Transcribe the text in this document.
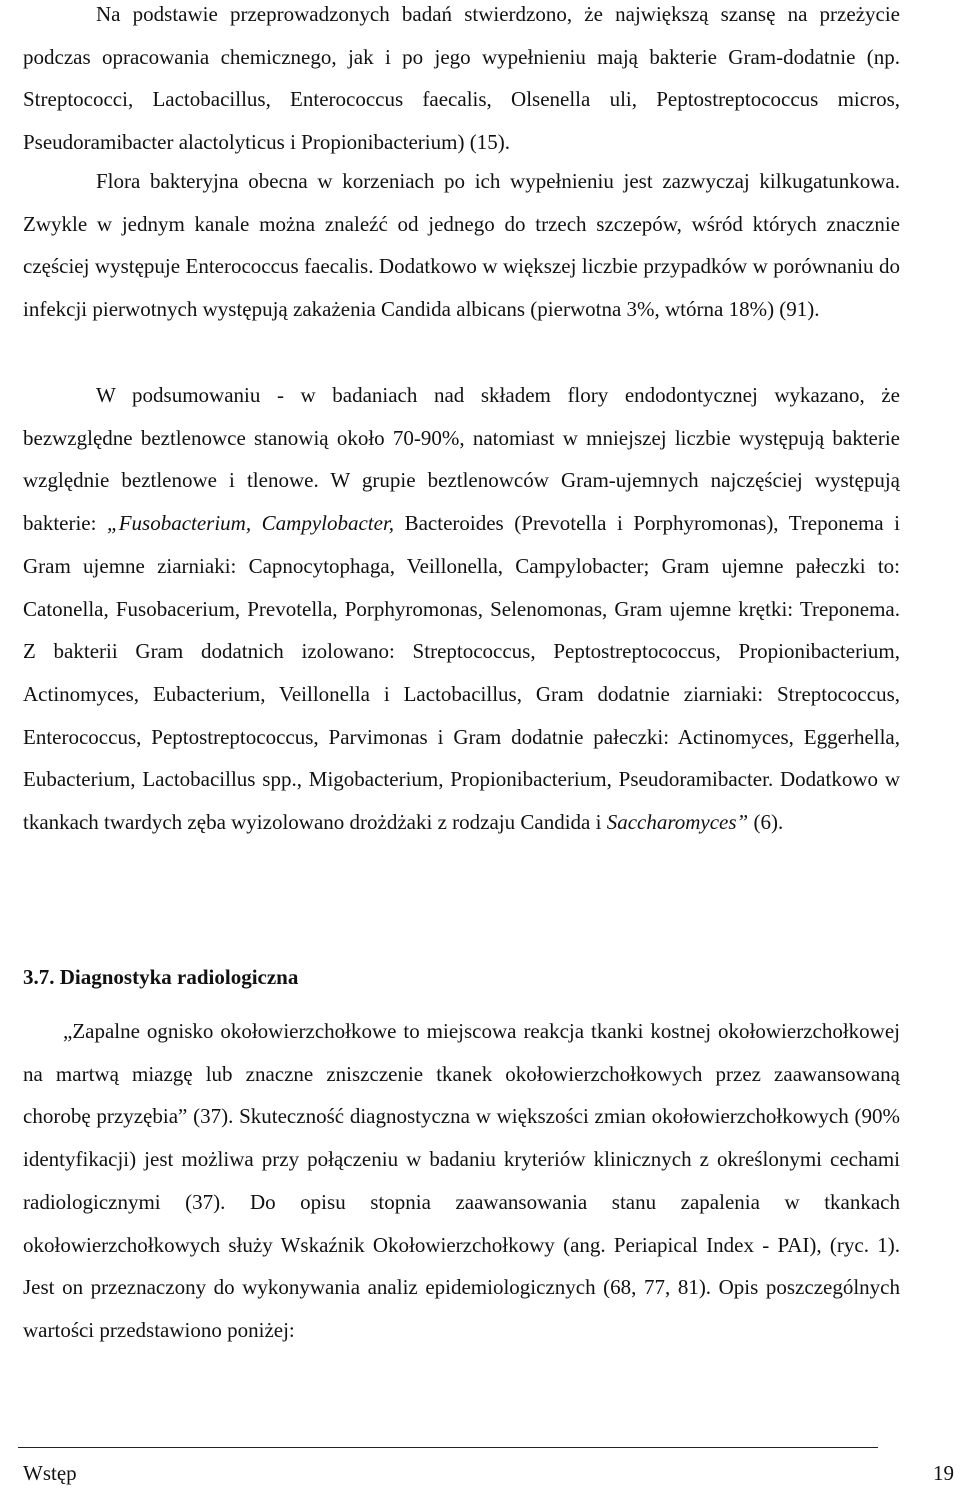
Na podstawie przeprowadzonych badań stwierdzono, że największą szansę na przeżycie podczas opracowania chemicznego, jak i po jego wypełnieniu mają bakterie Gram-dodatnie (np. Streptococci, Lactobacillus, Enterococcus faecalis, Olsenella uli, Peptostreptococcus micros, Pseudoramibacter alactolyticus i Propionibacterium) (15).

Flora bakteryjna obecna w korzeniach po ich wypełnieniu jest zazwyczaj kilkugatunkowa. Zwykle w jednym kanale można znaleźć od jednego do trzech szczepów, wśród których znacznie częściej występuje Enterococcus faecalis. Dodatkowo w większej liczbie przypadków w porównaniu do infekcji pierwotnych występują zakażenia Candida albicans (pierwotna 3%, wtórna 18%) (91).

W podsumowaniu - w badaniach nad składem flory endodontycznej wykazano, że bezwzględne beztlenowce stanowią około 70-90%, natomiast w mniejszej liczbie występują bakterie względnie beztlenowe i tlenowe. W grupie beztlenowców Gram-ujemnych najczęściej występują bakterie: „Fusobacterium, Campylobacter, Bacteroides (Prevotella i Porphyromonas), Treponema i Gram ujemne ziarniaki: Capnocytophaga, Veillonella, Campylobacter; Gram ujemne pałeczki to: Catonella, Fusobacerium, Prevotella, Porphyromonas, Selenomonas, Gram ujemne krętki: Treponema. Z bakterii Gram dodatnich izolowano: Streptococcus, Peptostreptococcus, Propionibacterium, Actinomyces, Eubacterium, Veillonella i Lactobacillus, Gram dodatnie ziarniaki: Streptococcus, Enterococcus, Peptostreptococcus, Parvimonas i Gram dodatnie pałeczki: Actinomyces, Eggerhella, Eubacterium, Lactobacillus spp., Migobacterium, Propionibacterium, Pseudoramibacter. Dodatkowo w tkankach twardych zęba wyizolowano drożdżaki z rodzaju Candida i Saccharomyces” (6).

3.7. Diagnostyka radiologiczna

„Zapalne ognisko okołowierzchołkowe to miejscowa reakcja tkanki kostnej okołowierzchołkowej na martwą miazgę lub znaczne zniszczenie tkanek okołowierzchołkowych przez zaawansowaną chorobę przyzębia” (37). Skuteczność diagnostyczna w większości zmian okołowierzchołkowych (90% identyfikacji) jest możliwa przy połączeniu w badaniu kryteriów klinicznych z określonymi cechami radiologicznymi (37). Do opisu stopnia zaawansowania stanu zapalenia w tkankach okołowierzchołkowych służy Wskaźnik Okołowierzchołkowy (ang. Periapical Index - PAI), (ryc. 1). Jest on przeznaczony do wykonywania analiz epidemiologicznych (68, 77, 81). Opis poszczególnych wartości przedstawiono poniżej:

Wstęp	19
